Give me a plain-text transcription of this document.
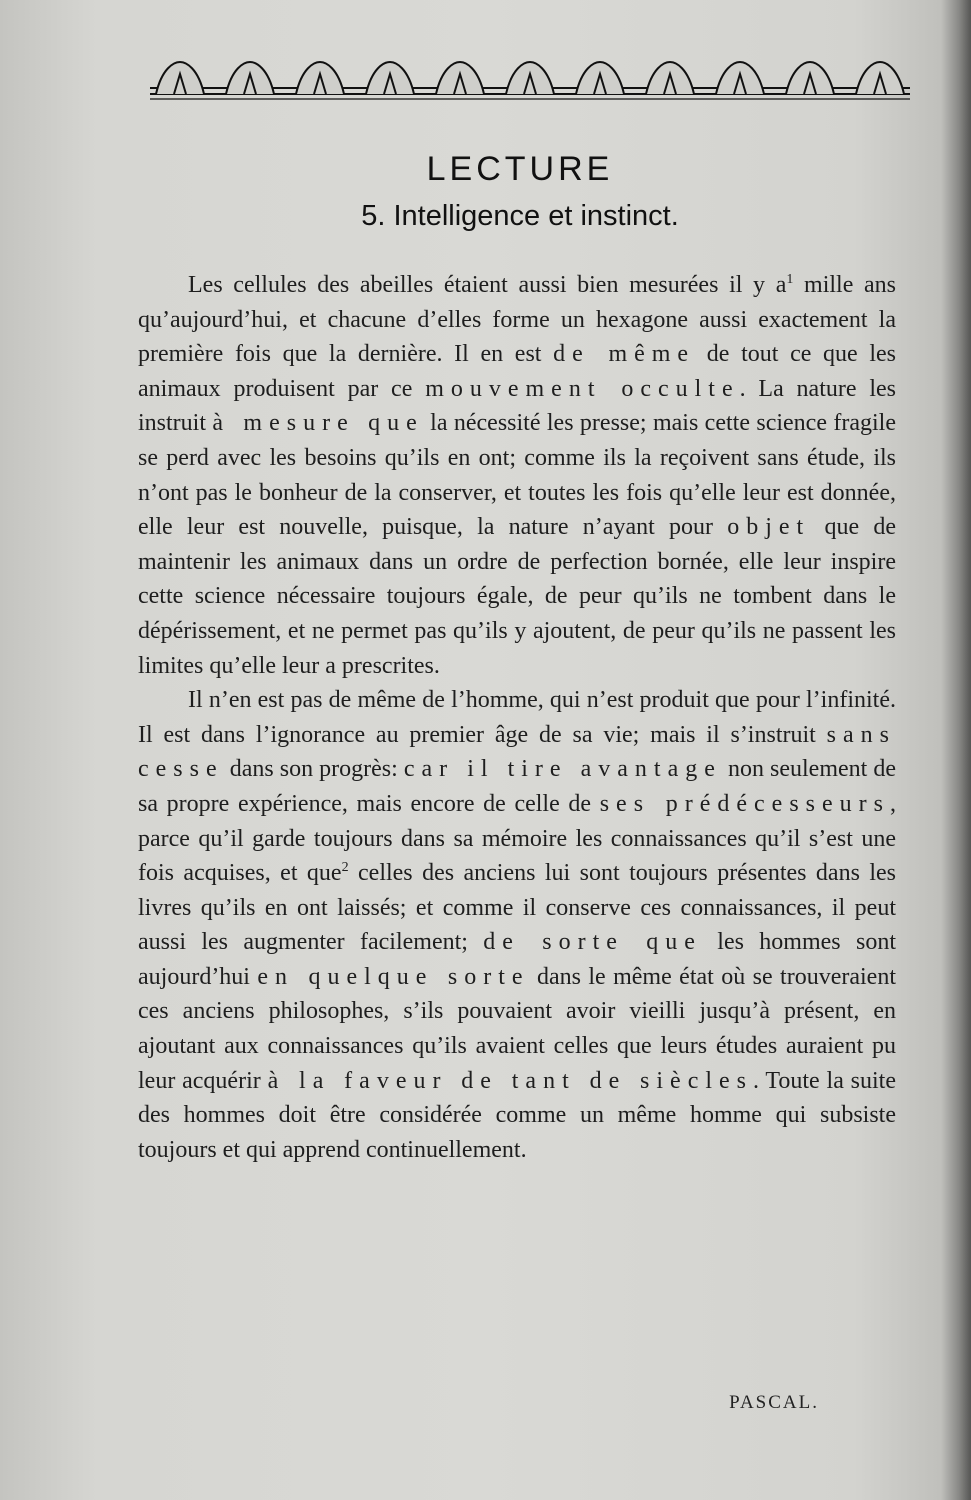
LECTURE
5. Intelligence et instinct.

Les cellules des abeilles étaient aussi bien mesurées il y $a^1$ mille ans qu’aujourd’hui, et chacune d’elles forme un hexagone aussi exactement la première fois que la dernière. Il en est de même de tout ce que les animaux produisent par ce mouvement occulte. La nature les instruit à mesure que la nécessité les presse; mais cette science fragile se perd avec les besoins qu’ils en ont; comme ils la reçoivent sans étude, ils n’ont pas le bonheur de la conserver, et toutes les fois qu’elle leur est donnée, elle leur est nouvelle, puisque, la nature n’ayant pour objet que de maintenir les animaux dans un ordre de perfection bornée, elle leur inspire cette science nécessaire toujours égale, de peur qu’ils ne tombent dans le dépérissement, et ne permet pas qu’ils y ajoutent, de peur qu’ils ne passent les limites qu’elle leur a prescrites.

Il n’en est pas de même de l’homme, qui n’est produit que pour l’infinité. Il est dans l’ignorance au premier âge de sa vie; mais il s’instruit sans cesse dans son progrès: car il tire avantage non seulement de sa propre expérience, mais encore de celle de ses prédécesseurs, parce qu’il garde toujours dans sa mémoire les connaissances qu’il s’est une fois acquises, et que$^2$ celles des anciens lui sont toujours présentes dans les livres qu’ils en ont laissés; et comme il conserve ces connaissances, il peut aussi les augmenter facilement; de sorte que les hommes sont aujourd’hui en quelque sorte dans le même état où se trouveraient ces anciens philosophes, s’ils pouvaient avoir vieilli jusqu’à présent, en ajoutant aux connaissances qu’ils avaient celles que leurs études auraient pu leur acquérir à la faveur de tant de siècles. Toute la suite des hommes doit être considérée comme un même homme qui subsiste toujours et qui apprend continuellement.

PASCAL.
